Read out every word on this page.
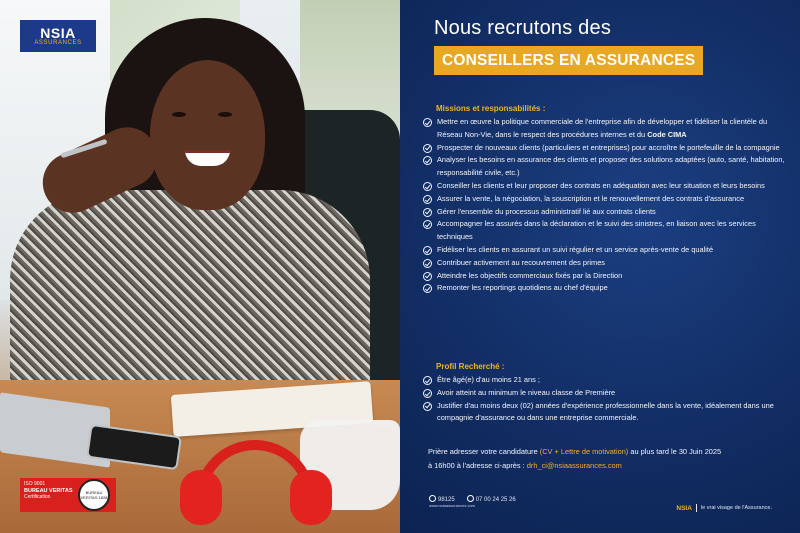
NSIA
ASSURANCES
ISO 9001
BUREAU VERITAS
Certification
BUREAU VERITAS 1828
Nous recrutons des
CONSEILLERS EN ASSURANCES
Missions et responsabilités :
Mettre en œuvre la politique commerciale de l'entreprise afin de développer et fidéliser la clientèle du Réseau Non-Vie, dans le respect des procédures internes et du Code CIMA
Prospecter de nouveaux clients (particuliers et entreprises) pour accroître le portefeuille de la compagnie
Analyser les besoins en assurance des clients et proposer des solutions adaptées (auto, santé, habitation, responsabilité civile, etc.)
Conseiller les clients et leur proposer des contrats en adéquation avec leur situation et leurs besoins
Assurer la vente, la négociation, la souscription et le renouvellement des contrats d'assurance
Gérer l'ensemble du processus administratif lié aux contrats clients
Accompagner les assurés dans la déclaration et le suivi des sinistres, en liaison avec les services techniques
Fidéliser les clients en assurant un suivi régulier et un service après-vente de qualité
Contribuer activement au recouvrement des primes
Atteindre les objectifs commerciaux fixés par la Direction
Remonter les reportings quotidiens au chef d'équipe
Profil Recherché :
Être âgé(e) d'au moins 21 ans ;
Avoir atteint au minimum le niveau classe de Première
Justifier d'au moins deux (02) années d'expérience professionnelle dans la vente, idéalement dans une compagnie d'assurance ou dans une entreprise commerciale.
Prière adresser votre candidature (CV + Lettre de motivation) au plus tard le 30 Juin 2025
à 16h00 à l'adresse ci-après : drh_ci@nsiaassurances.com
98125	07 00 24 25 26
www.nsiaassurances.com	NSIA le vrai visage de l'Assurance.
